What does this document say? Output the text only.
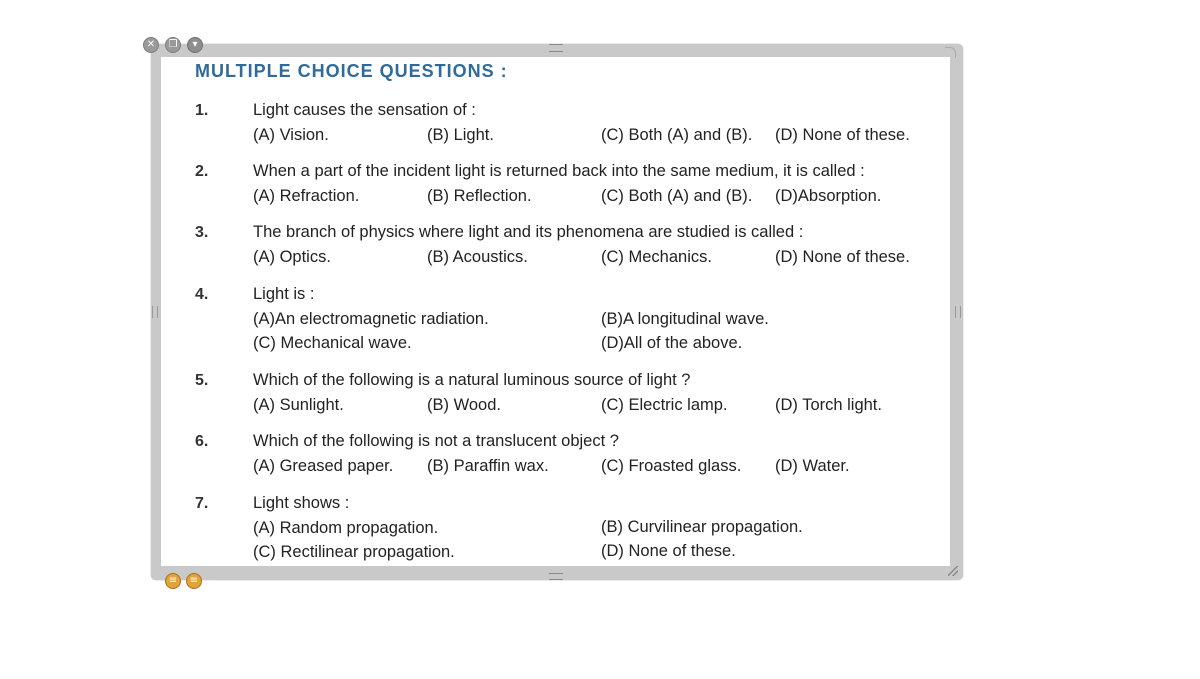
✕	❐	▾
≡	≡
MULTIPLE CHOICE QUESTIONS :
1.	Light causes the sensation of :
(A) Vision.	(B) Light.	(C) Both (A) and (B). (D) None of these.
2.	When a part of the incident light is returned back into the same medium, it is called :
(A) Refraction.	(B) Reflection.	(C) Both (A) and (B). (D)Absorption.
3.	The branch of physics where light and its phenomena are studied is called :
(A) Optics.	(B) Acoustics.	(C) Mechanics.	(D) None of these.
4.	Light is :
(A)An electromagnetic radiation.	(B)A longitudinal wave.
(C) Mechanical wave.	(D)All of the above.
5.	Which of the following is a natural luminous source of light ?
(A) Sunlight.	(B) Wood.	(C) Electric lamp.	(D) Torch light.
6.	Which of the following is not a translucent object ?
(A) Greased paper. (B) Paraffin wax.	(C) Froasted glass. (D) Water.
7.	Light shows :
(A) Random propagation.	(B) Curvilinear propagation.
(C) Rectilinear propagation.	(D) None of these.
